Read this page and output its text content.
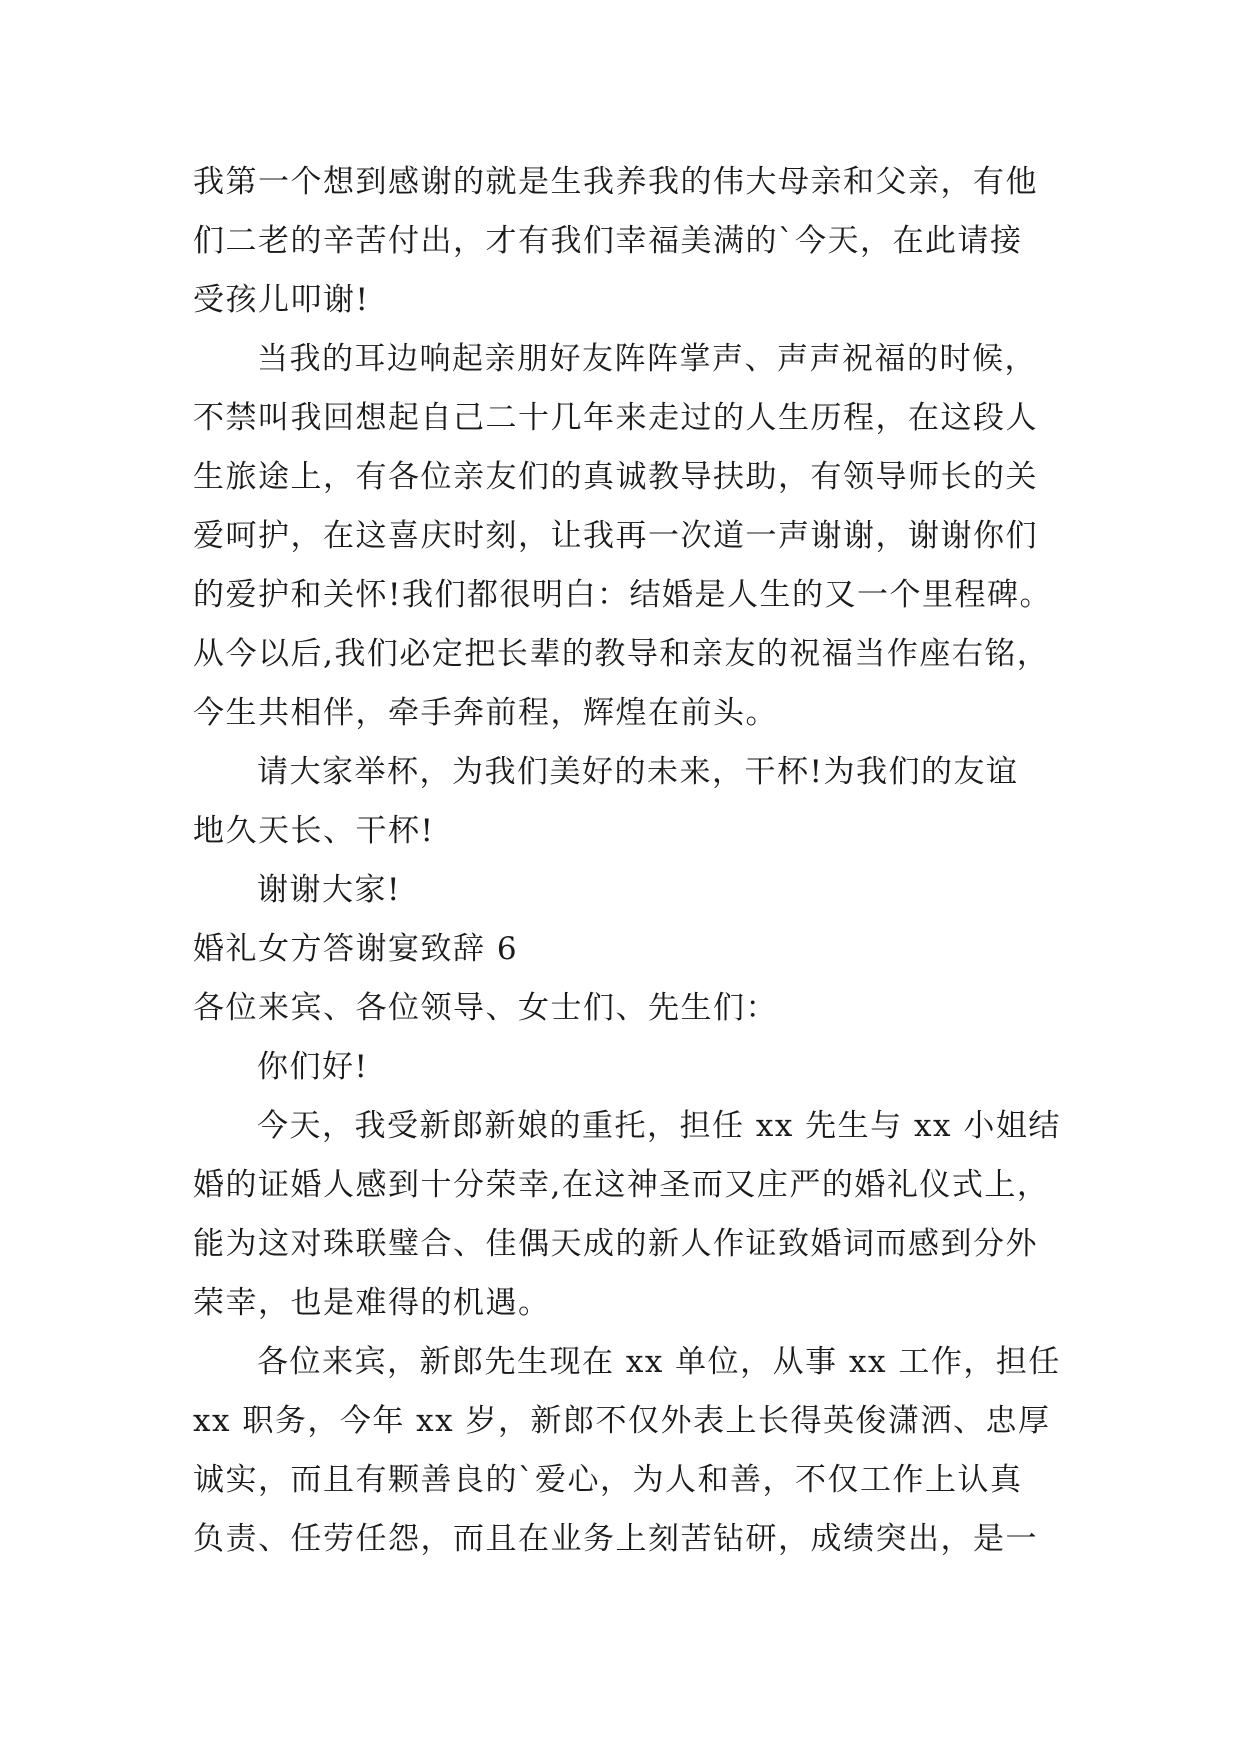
我第一个想到感谢的就是生我养我的伟大母亲和父亲，有他
们二老的辛苦付出，才有我们幸福美满的`今天，在此请接
受孩儿叩谢!
当我的耳边响起亲朋好友阵阵掌声、声声祝福的时候，
不禁叫我回想起自己二十几年来走过的人生历程，在这段人
生旅途上，有各位亲友们的真诚教导扶助，有领导师长的关
爱呵护，在这喜庆时刻，让我再一次道一声谢谢，谢谢你们
的爱护和关怀!我们都很明白：结婚是人生的又一个里程碑。
从今以后,我们必定把长辈的教导和亲友的祝福当作座右铭，
今生共相伴，牵手奔前程，辉煌在前头。
请大家举杯，为我们美好的未来，干杯!为我们的友谊
地久天长、干杯!
谢谢大家!
婚礼女方答谢宴致辞 6
各位来宾、各位领导、女士们、先生们：
你们好!
今天，我受新郎新娘的重托，担任 xx 先生与 xx 小姐结
婚的证婚人感到十分荣幸,在这神圣而又庄严的婚礼仪式上，
能为这对珠联璧合、佳偶天成的新人作证致婚词而感到分外
荣幸，也是难得的机遇。
各位来宾，新郎先生现在 xx 单位，从事 xx 工作，担任
xx 职务，今年 xx 岁，新郎不仅外表上长得英俊潇洒、忠厚
诚实，而且有颗善良的`爱心，为人和善，不仅工作上认真
负责、任劳任怨，而且在业务上刻苦钻研，成绩突出，是一
